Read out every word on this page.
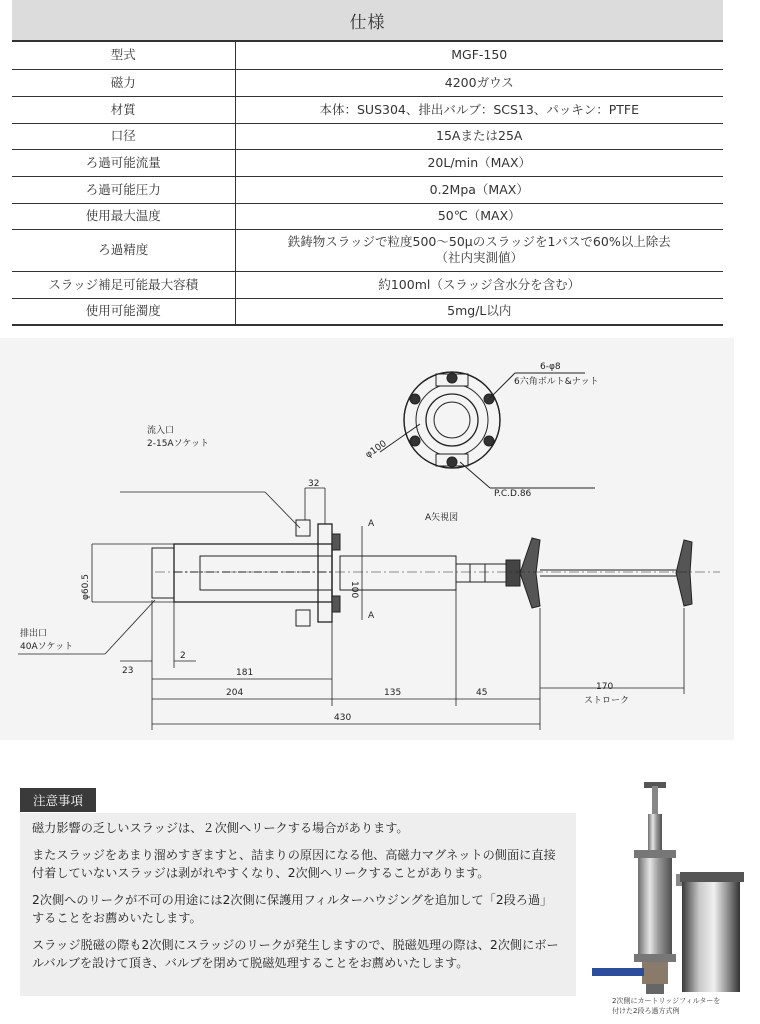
仕様
型式	MGF-150
磁力	4200ガウス
材質	本体：SUS304、排出バルブ：SCS13、パッキン：PTFE
口径	15Aまたは25A
ろ過可能流量	20L/min（MAX）
ろ過可能圧力	0.2Mpa（MAX）
使用最大温度	50℃（MAX）
ろ過精度	鉄鋳物スラッジで粒度500～50μのスラッジを1パスで60%以上除去
（社内実測値）

スラッジ補足可能最大容積	約100ml（スラッジ含水分を含む）
使用可能濁度	5mg/L以内
流入口
2-15Aソケット
6-φ8
6六角ボルト&ナット
φ100
P.C.D.86
A矢視図
A
A
32
100
φ60.5
排出口
40Aソケット
23
2
181
204	135	45
170
ストローク
430
注意事項

磁力影響の乏しいスラッジは、２次側へリークする場合があります。

またスラッジをあまり溜めすぎますと、詰まりの原因になる他、高磁力マグネットの側面に直接付着していないスラッジは剥がれやすくなり、2次側へリークすることがあります。

2次側へのリークが不可の用途には2次側に保護用フィルターハウジングを追加して「2段ろ過」することをお薦めいたします。

スラッジ脱磁の際も2次側にスラッジのリークが発生しますので、脱磁処理の際は、2次側にボールバルブを設けて頂き、バルブを閉めて脱磁処理することをお薦めいたします。

2次側にカートリッジフィルターを
付けた2段ろ過方式例
